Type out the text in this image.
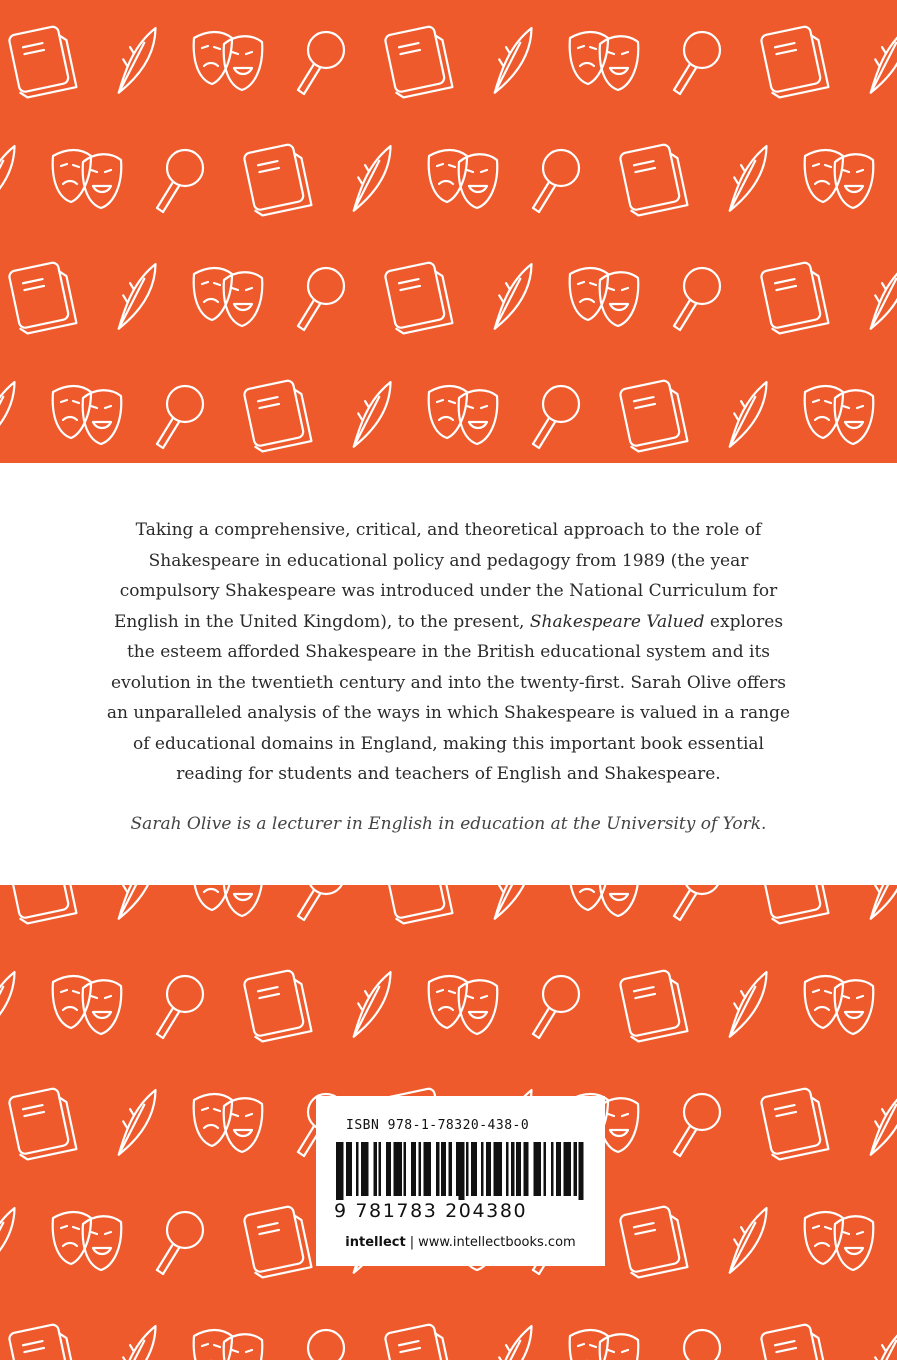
Taking a comprehensive, critical, and theoretical approach to the role of Shakespeare in educational policy and pedagogy from 1989 (the year compulsory Shakespeare was introduced under the National Curriculum for English in the United Kingdom), to the present, Shakespeare Valued explores the esteem afforded Shakespeare in the British educational system and its evolution in the twentieth century and into the twenty-first. Sarah Olive offers an unparalleled analysis of the ways in which Shakespeare is valued in a range of educational domains in England, making this important book essential reading for students and teachers of English and Shakespeare.

Sarah Olive is a lecturer in English in education at the University of York.

ISBN 978-1-78320-438-0
9 781783 204380
intellect | www.intellectbooks.com
